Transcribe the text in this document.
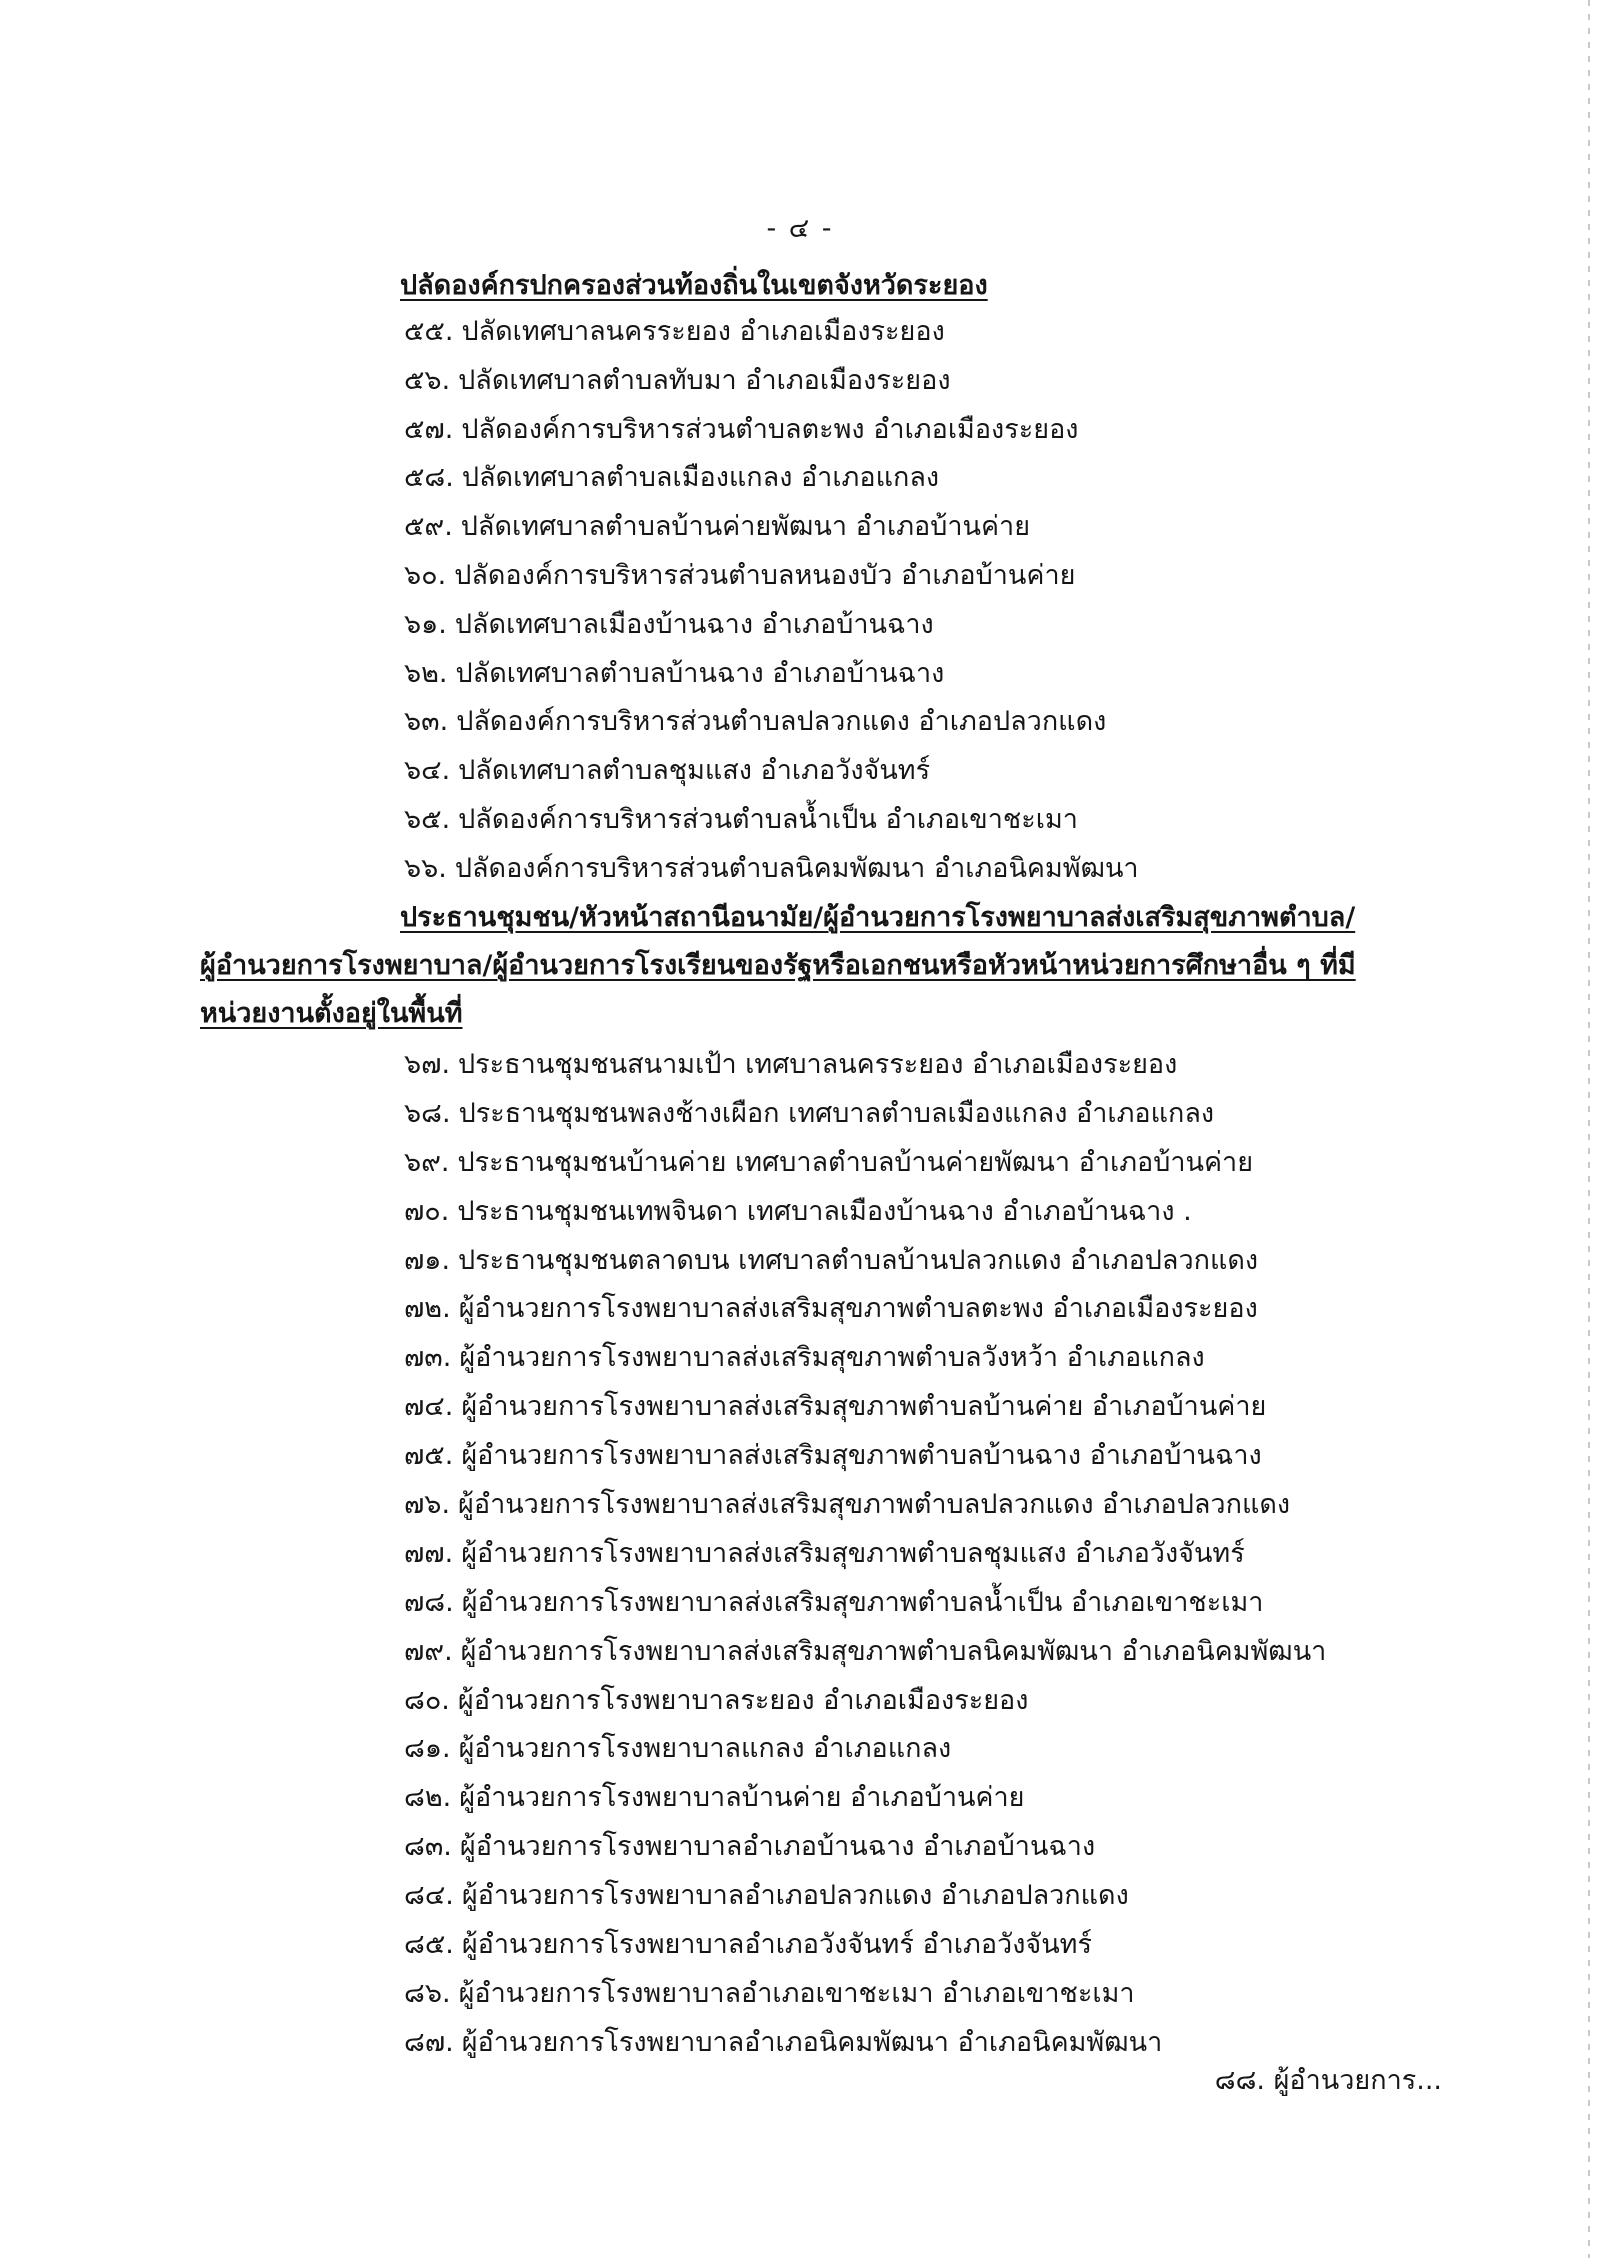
- ๔ -
ปลัดองค์กรปกครองส่วนท้องถิ่นในเขตจังหวัดระยอง
๕๕. ปลัดเทศบาลนครระยอง อำเภอเมืองระยอง
๕๖. ปลัดเทศบาลตำบลทับมา อำเภอเมืองระยอง
๕๗. ปลัดองค์การบริหารส่วนตำบลตะพง อำเภอเมืองระยอง
๕๘. ปลัดเทศบาลตำบลเมืองแกลง อำเภอแกลง
๕๙. ปลัดเทศบาลตำบลบ้านค่ายพัฒนา อำเภอบ้านค่าย
๖๐. ปลัดองค์การบริหารส่วนตำบลหนองบัว อำเภอบ้านค่าย
๖๑. ปลัดเทศบาลเมืองบ้านฉาง อำเภอบ้านฉาง
๖๒. ปลัดเทศบาลตำบลบ้านฉาง อำเภอบ้านฉาง
๖๓. ปลัดองค์การบริหารส่วนตำบลปลวกแดง อำเภอปลวกแดง
๖๔. ปลัดเทศบาลตำบลชุมแสง อำเภอวังจันทร์
๖๕. ปลัดองค์การบริหารส่วนตำบลน้ำเป็น อำเภอเขาชะเมา
๖๖. ปลัดองค์การบริหารส่วนตำบลนิคมพัฒนา อำเภอนิคมพัฒนา
ประธานชุมชน/หัวหน้าสถานีอนามัย/ผู้อำนวยการโรงพยาบาลส่งเสริมสุขภาพตำบล/
ผู้อำนวยการโรงพยาบาล/ผู้อำนวยการโรงเรียนของรัฐหรือเอกชนหรือหัวหน้าหน่วยการศึกษาอื่น ๆ ที่มี
หน่วยงานตั้งอยู่ในพื้นที่
๖๗. ประธานชุมชนสนามเป้า เทศบาลนครระยอง อำเภอเมืองระยอง
๖๘. ประธานชุมชนพลงช้างเผือก เทศบาลตำบลเมืองแกลง อำเภอแกลง
๖๙. ประธานชุมชนบ้านค่าย เทศบาลตำบลบ้านค่ายพัฒนา อำเภอบ้านค่าย
๗๐. ประธานชุมชนเทพจินดา เทศบาลเมืองบ้านฉาง อำเภอบ้านฉาง .
๗๑. ประธานชุมชนตลาดบน เทศบาลตำบลบ้านปลวกแดง อำเภอปลวกแดง
๗๒. ผู้อำนวยการโรงพยาบาลส่งเสริมสุขภาพตำบลตะพง อำเภอเมืองระยอง
๗๓. ผู้อำนวยการโรงพยาบาลส่งเสริมสุขภาพตำบลวังหว้า อำเภอแกลง
๗๔. ผู้อำนวยการโรงพยาบาลส่งเสริมสุขภาพตำบลบ้านค่าย อำเภอบ้านค่าย
๗๕. ผู้อำนวยการโรงพยาบาลส่งเสริมสุขภาพตำบลบ้านฉาง อำเภอบ้านฉาง
๗๖. ผู้อำนวยการโรงพยาบาลส่งเสริมสุขภาพตำบลปลวกแดง อำเภอปลวกแดง
๗๗. ผู้อำนวยการโรงพยาบาลส่งเสริมสุขภาพตำบลชุมแสง อำเภอวังจันทร์
๗๘. ผู้อำนวยการโรงพยาบาลส่งเสริมสุขภาพตำบลน้ำเป็น อำเภอเขาชะเมา
๗๙. ผู้อำนวยการโรงพยาบาลส่งเสริมสุขภาพตำบลนิคมพัฒนา อำเภอนิคมพัฒนา
๘๐. ผู้อำนวยการโรงพยาบาลระยอง อำเภอเมืองระยอง
๘๑. ผู้อำนวยการโรงพยาบาลแกลง อำเภอแกลง
๘๒. ผู้อำนวยการโรงพยาบาลบ้านค่าย อำเภอบ้านค่าย
๘๓. ผู้อำนวยการโรงพยาบาลอำเภอบ้านฉาง อำเภอบ้านฉาง
๘๔. ผู้อำนวยการโรงพยาบาลอำเภอปลวกแดง อำเภอปลวกแดง
๘๕. ผู้อำนวยการโรงพยาบาลอำเภอวังจันทร์ อำเภอวังจันทร์
๘๖. ผู้อำนวยการโรงพยาบาลอำเภอเขาชะเมา อำเภอเขาชะเมา
๘๗. ผู้อำนวยการโรงพยาบาลอำเภอนิคมพัฒนา อำเภอนิคมพัฒนา
๘๘. ผู้อำนวยการ...
